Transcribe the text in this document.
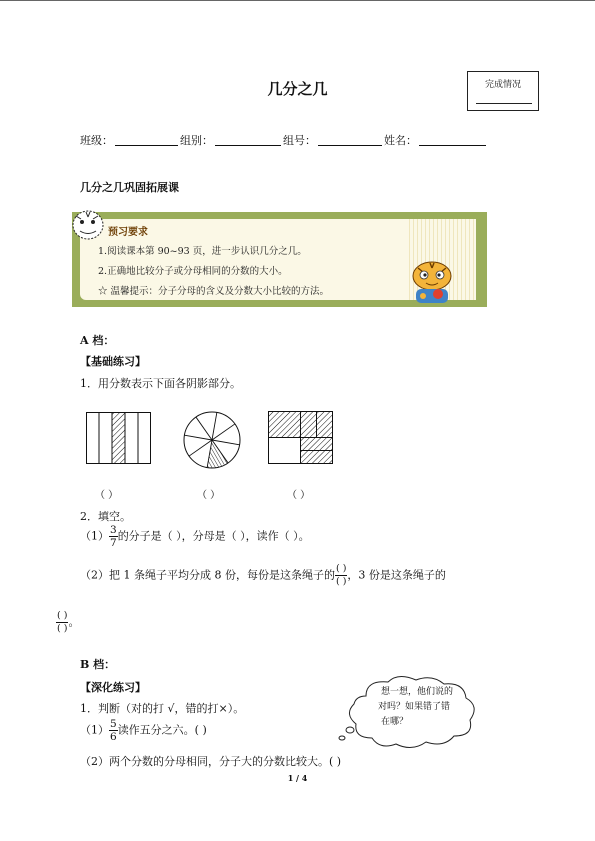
几分之几	完成情况
班级：	组别：	组号：	姓名：
几分之几巩固拓展课
预习要求
1.阅读课本第 90~93 页，进一步认识几分之几。
2.正确地比较分子或分母相同的分数的大小。
☆ 温馨提示：分子分母的含义及分数大小比较的方法。
A 档：
【基础练习】
1．用分数表示下面各阴影部分。
（ ）	（ ）	（ ）
2．填空。
$(1) \frac{3}{7}$ 的分子是（ ），分母是（ ），读作（ ）。
（2）把 1 条绳子平均分成 8 份，每份是这条绳子的 $\frac{( )}{( )}$ ，3 份是这条绳子的
$\frac{( )}{( )}$ 。
B 档：
【深化练习】
1．判断（对的打 √，错的打×）。
$(1) \frac{5}{6}$ 读作五分之六。( )
（2）两个分数的分母相同，分子大的分数比较大。( )
想一想，他们说的
对吗？如果错了错
在哪？
1 / 4
